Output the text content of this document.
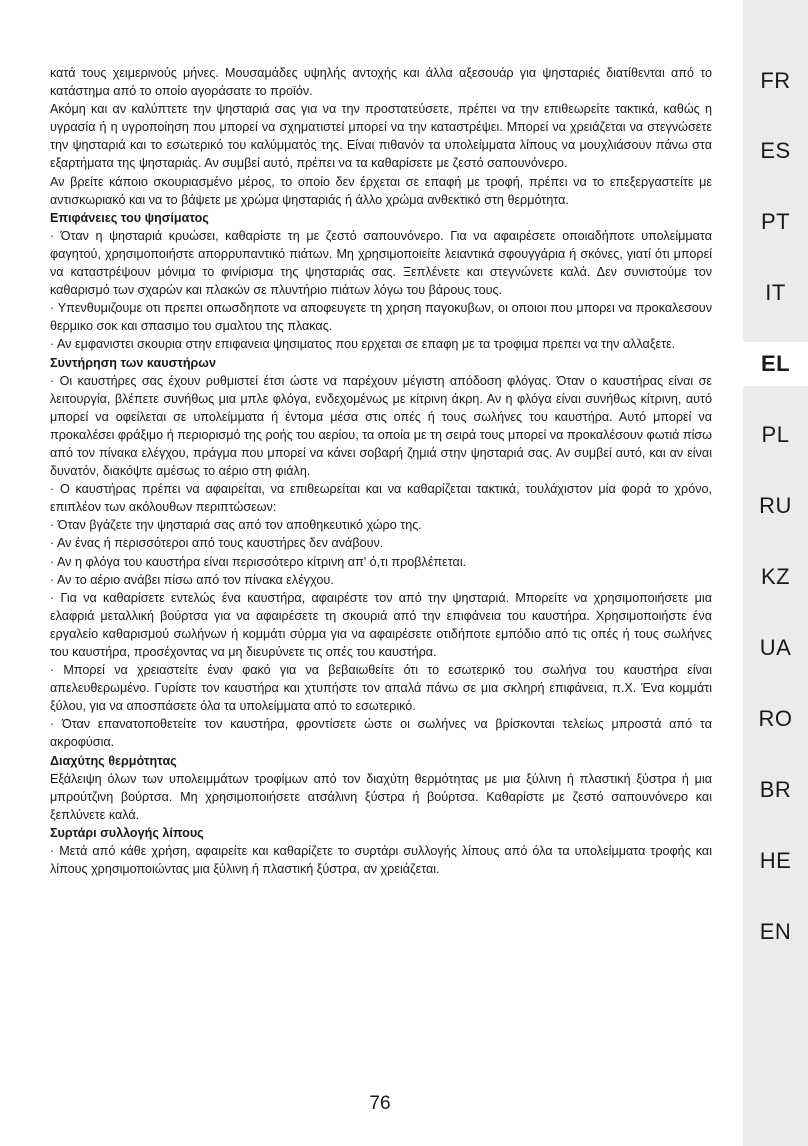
κατά τους χειμερινούς μήνες. Μουσαμάδες υψηλής αντοχής και άλλα αξεσουάρ για ψησταριές διατίθενται από το κατάστημα από το οποίο αγοράσατε το προϊόν.

Ακόμη και αν καλύπτετε την ψησταριά σας για να την προστατεύσετε, πρέπει να την επιθεωρείτε τακτικά, καθώς η υγρασία ή η υγροποίηση που μπορεί να σχηματιστεί μπορεί να την καταστρέψει. Μπορεί να χρειάζεται να στεγνώσετε την ψησταριά και το εσωτερικό του καλύμματός της. Είναι πιθανόν τα υπολείμματα λίπους να μουχλιάσουν πάνω στα εξαρτήματα της ψησταριάς. Αν συμβεί αυτό, πρέπει να τα καθαρίσετε με ζεστό σαπουνόνερο.

Αν βρείτε κάποιο σκουριασμένο μέρος, το οποίο δεν έρχεται σε επαφή με τροφή, πρέπει να το επεξεργαστείτε με αντισκωριακό και να το βάψετε με χρώμα ψησταριάς ή άλλο χρώμα ανθεκτικό στη θερμότητα.

Επιφάνειες του ψησίματος

· Όταν η ψησταριά κρυώσει, καθαρίστε τη με ζεστό σαπουνόνερο. Για να αφαιρέσετε οποιαδήποτε υπολείμματα φαγητού, χρησιμοποιήστε απορρυπαντικό πιάτων. Μη χρησιμοποιείτε λειαντικά σφουγγάρια ή σκόνες, γιατί ότι μπορεί να καταστρέψουν μόνιμα το φινίρισμα της ψησταριάς σας. Ξεπλένετε και στεγνώνετε καλά. Δεν συνιστούμε τον καθαρισμό των σχαρών και πλακών σε πλυντήριο πιάτων λόγω του βάρους τους.

· Υπενθυμιζουμε οτι πρεπει οπωσδηποτε να αποφευγετε τη χρηση παγοκυβων, οι οποιοι που μπορει να προκαλεσουν θερμικο σοκ και σπασιμο του σμαλτου της πλακας.

· Αν εμφανιστει σκουρια στην επιφανεια ψησιματος που ερχεται σε επαφη με τα τροφιμα πρεπει να την αλλαξετε.

Συντήρηση των καυστήρων

· Οι καυστήρες σας έχουν ρυθμιστεί έτσι ώστε να παρέχουν μέγιστη απόδοση φλόγας. Όταν ο καυστήρας είναι σε λειτουργία, βλέπετε συνήθως μια μπλε φλόγα, ενδεχομένως με κίτρινη άκρη. Αν η φλόγα είναι συνήθως κίτρινη, αυτό μπορεί να οφείλεται σε υπολείμματα ή έντομα μέσα στις οπές ή τους σωλήνες του καυστήρα. Αυτό μπορεί να προκαλέσει φράξιμο ή περιορισμό της ροής του αερίου, τα οποία με τη σειρά τους μπορεί να προκαλέσουν φωτιά πίσω από τον πίνακα ελέγχου, πράγμα που μπορεί να κάνει σοβαρή ζημιά στην ψησταριά σας. Αν συμβεί αυτό, και αν είναι δυνατόν, διακόψτε αμέσως το αέριο στη φιάλη.

· Ο καυστήρας πρέπει να αφαιρείται, να επιθεωρείται και να καθαρίζεται τακτικά, τουλάχιστον μία φορά το χρόνο, επιπλέον των ακόλουθων περιπτώσεων:

· Όταν βγάζετε την ψησταριά σας από τον αποθηκευτικό χώρο της.

· Αν ένας ή περισσότεροι από τους καυστήρες δεν ανάβουν.

· Αν η φλόγα του καυστήρα είναι περισσότερο κίτρινη απ' ό,τι προβλέπεται.

· Αν το αέριο ανάβει πίσω από τον πίνακα ελέγχου.

· Για να καθαρίσετε εντελώς ένα καυστήρα, αφαιρέστε τον από την ψησταριά. Μπορείτε να χρησιμοποιήσετε μια ελαφριά μεταλλική βούρτσα για να αφαιρέσετε τη σκουριά από την επιφάνεια του καυστήρα. Χρησιμοποιήστε ένα εργαλείο καθαρισμού σωλήνων ή κομμάτι σύρμα για να αφαιρέσετε οτιδήποτε εμπόδιο από τις οπές ή τους σωλήνες του καυστήρα, προσέχοντας να μη διευρύνετε τις οπές του καυστήρα.

· Μπορεί να χρειαστείτε έναν φακό για να βεβαιωθείτε ότι το εσωτερικό του σωλήνα του καυστήρα είναι απελευθερωμένο. Γυρίστε τον καυστήρα και χτυπήστε τον απαλά πάνω σε μια σκληρή επιφάνεια, π.Χ. Ένα κομμάτι ξύλου, για να αποσπάσετε όλα τα υπολείμματα από το εσωτερικό.

· Όταν επανατοποθετείτε τον καυστήρα, φροντίσετε ώστε οι σωλήνες να βρίσκονται τελείως μπροστά από τα ακροφύσια.

Διαχύτης θερμότητας

Εξάλειψη όλων των υπολειμμάτων τροφίμων από τον διαχύτη θερμότητας με μια ξύλινη ή πλαστική ξύστρα ή μια μπρούτζινη βούρτσα. Μη χρησιμοποιήσετε ατσάλινη ξύστρα ή βούρτσα. Καθαρίστε με ζεστό σαπουνόνερο και ξεπλύνετε καλά.

Συρτάρι συλλογής λίπους

· Μετά από κάθε χρήση, αφαιρείτε και καθαρίζετε το συρτάρι συλλογής λίπους από όλα τα υπολείμματα τροφής και λίπους χρησιμοποιώντας μια ξύλινη ή πλαστική ξύστρα, αν χρειάζεται.

FR
ES
PT
IT
EL
PL
RU
KZ
UA
RO
BR
HE
EN
76
